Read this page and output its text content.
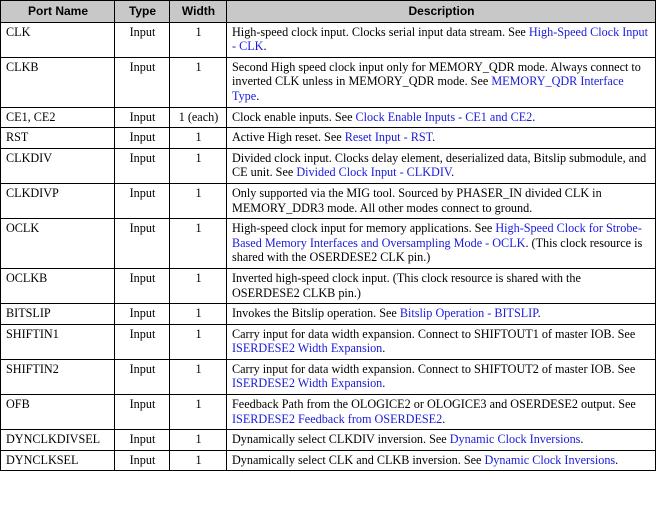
Port Name	Type	Width	Description
CLK	Input	1	High-speed clock input. Clocks serial input data stream. See High-Speed Clock Input - CLK.
CLKB	Input	1	Second High speed clock input only for MEMORY_QDR mode. Always connect to inverted CLK unless in MEMORY_QDR mode. See MEMORY_QDR Interface Type.
CE1, CE2	Input	1 (each)	Clock enable inputs. See Clock Enable Inputs - CE1 and CE2.
RST	Input	1	Active High reset. See Reset Input - RST.
CLKDIV	Input	1	Divided clock input. Clocks delay element, deserialized data, Bitslip submodule, and CE unit. See Divided Clock Input - CLKDIV.
CLKDIVP	Input	1	Only supported via the MIG tool. Sourced by PHASER_IN divided CLK in MEMORY_DDR3 mode. All other modes connect to ground.
OCLK	Input	1	High-speed clock input for memory applications. See High-Speed Clock for Strobe-Based Memory Interfaces and Oversampling Mode - OCLK. (This clock resource is shared with the OSERDESE2 CLK pin.)
OCLKB	Input	1	Inverted high-speed clock input. (This clock resource is shared with the OSERDESE2 CLKB pin.)
BITSLIP	Input	1	Invokes the Bitslip operation. See Bitslip Operation - BITSLIP.
SHIFTIN1	Input	1	Carry input for data width expansion. Connect to SHIFTOUT1 of master IOB. See ISERDESE2 Width Expansion.
SHIFTIN2	Input	1	Carry input for data width expansion. Connect to SHIFTOUT2 of master IOB. See ISERDESE2 Width Expansion.
OFB	Input	1	Feedback Path from the OLOGICE2 or OLOGICE3 and OSERDESE2 output. See ISERDESE2 Feedback from OSERDESE2.
DYNCLKDIVSEL	Input	1	Dynamically select CLKDIV inversion. See Dynamic Clock Inversions.
DYNCLKSEL	Input	1	Dynamically select CLK and CLKB inversion. See Dynamic Clock Inversions.
